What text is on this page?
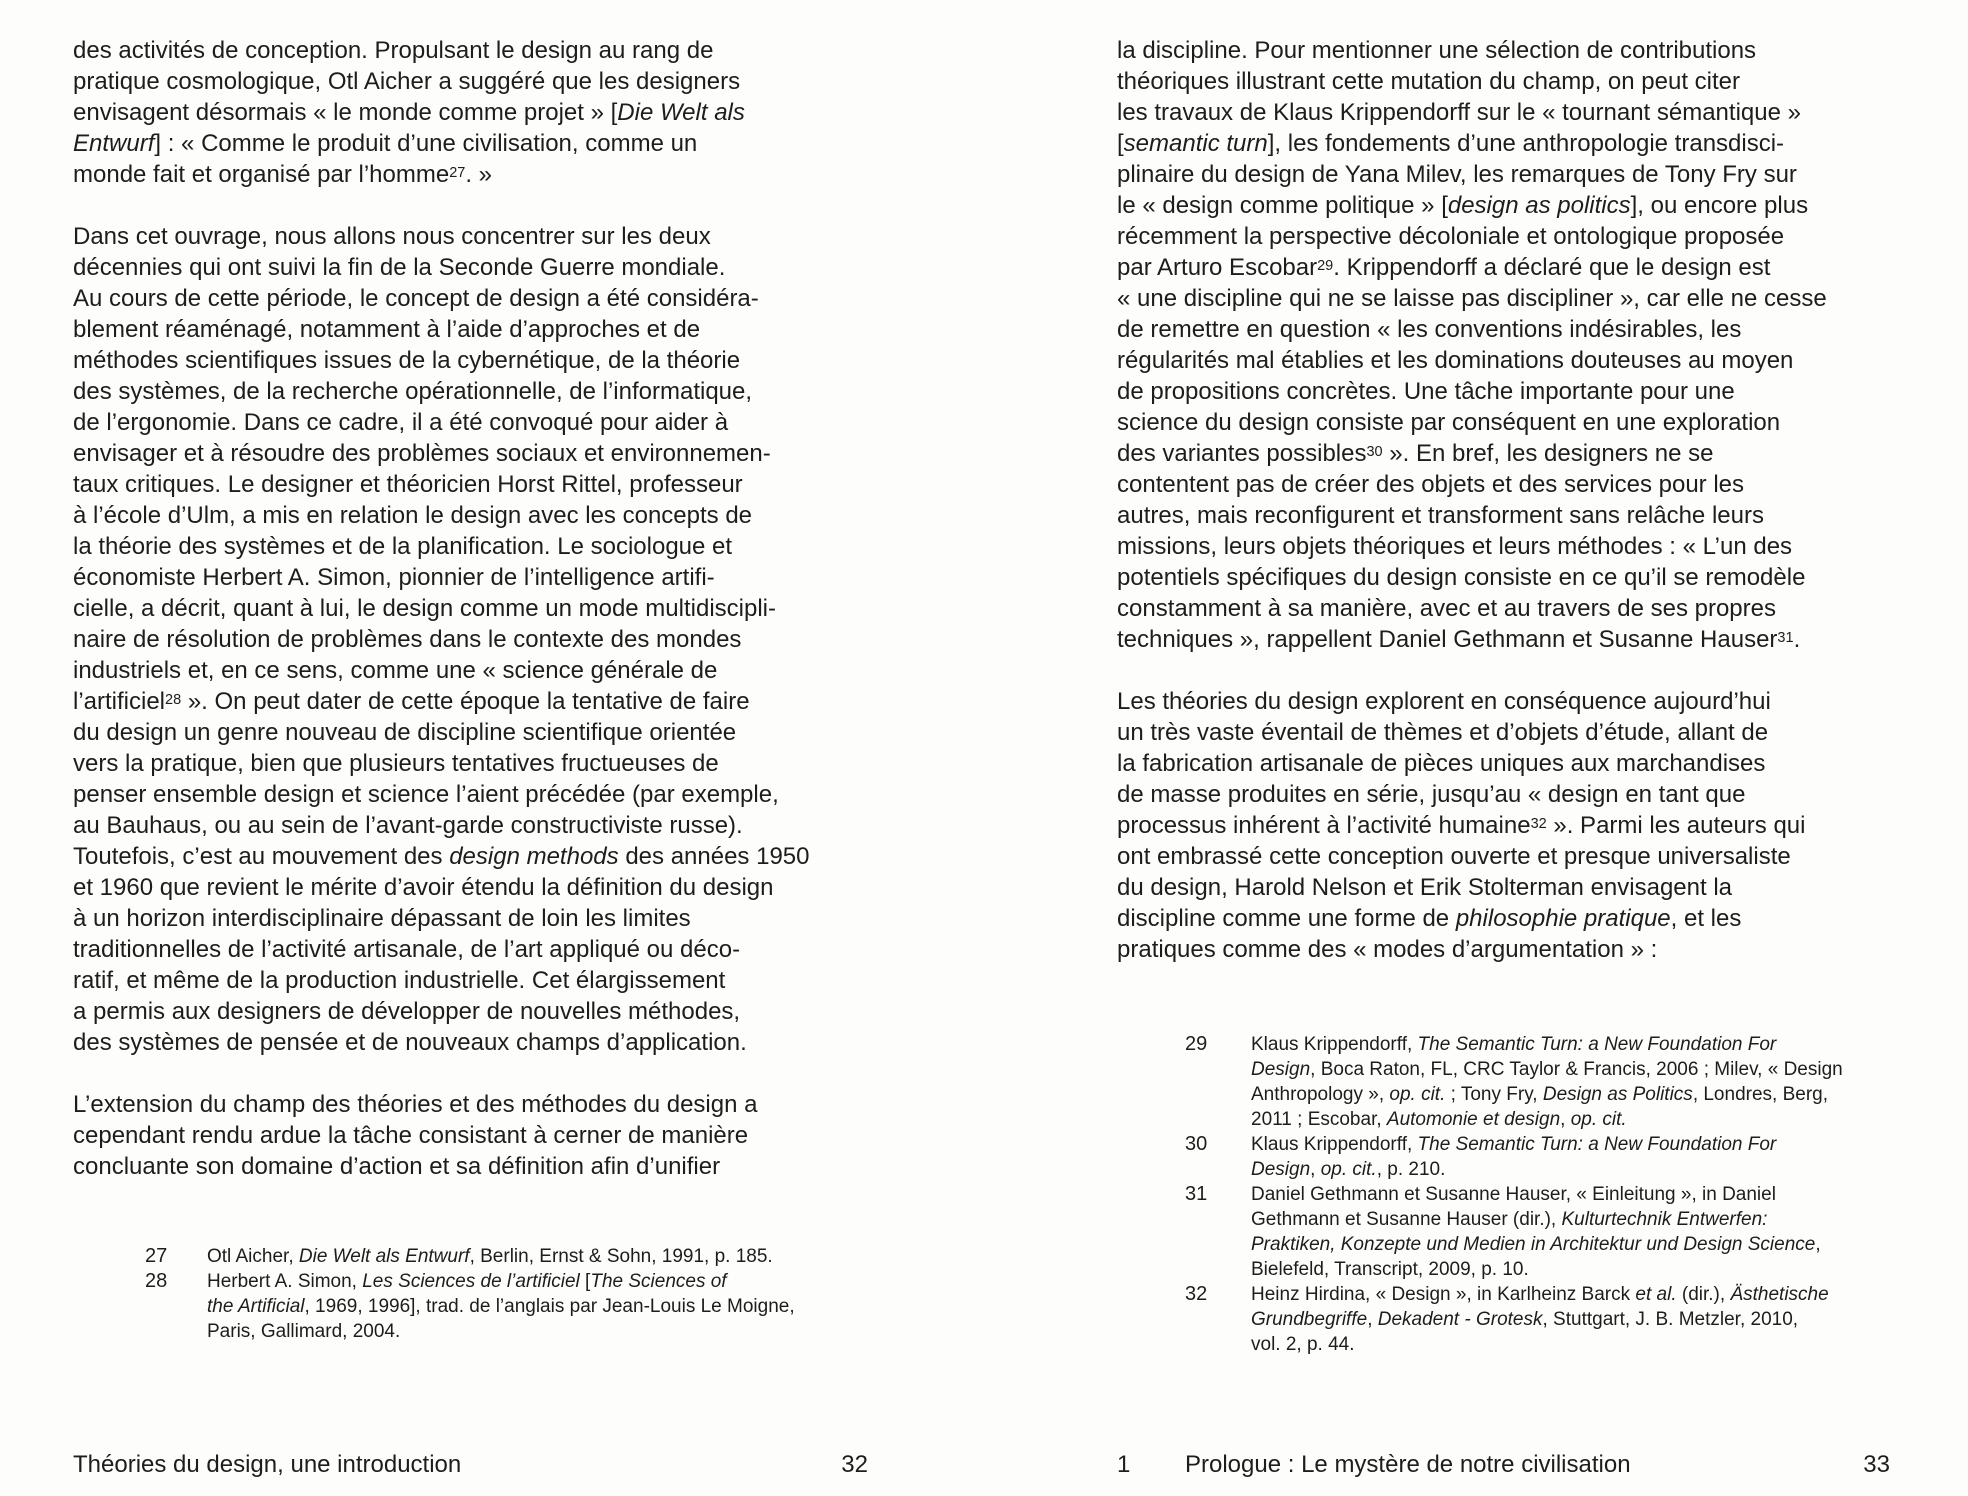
des activités de conception. Propulsant le design au rang de
pratique cosmologique, Otl Aicher a suggéré que les designers
envisagent désormais « le monde comme projet » [Die Welt als
Entwurf] : « Comme le produit d’une civilisation, comme un
monde fait et organisé par l’homme$^{27}$. »
Dans cet ouvrage, nous allons nous concentrer sur les deux
décennies qui ont suivi la fin de la Seconde Guerre mondiale.
Au cours de cette période, le concept de design a été considéra-
blement réaménagé, notamment à l’aide d’approches et de
méthodes scientifiques issues de la cybernétique, de la théorie
des systèmes, de la recherche opérationnelle, de l’informatique,
de l’ergonomie. Dans ce cadre, il a été convoqué pour aider à
envisager et à résoudre des problèmes sociaux et environnemen-
taux critiques. Le designer et théoricien Horst Rittel, professeur
à l’école d’Ulm, a mis en relation le design avec les concepts de
la théorie des systèmes et de la planification. Le sociologue et
économiste Herbert A. Simon, pionnier de l’intelligence artifi-
cielle, a décrit, quant à lui, le design comme un mode multidiscipli-
naire de résolution de problèmes dans le contexte des mondes
industriels et, en ce sens, comme une « science générale de
l’artificiel$^{28}$ ». On peut dater de cette époque la tentative de faire
du design un genre nouveau de discipline scientifique orientée
vers la pratique, bien que plusieurs tentatives fructueuses de
penser ensemble design et science l’aient précédée (par exemple,
au Bauhaus, ou au sein de l’avant-garde constructiviste russe).
Toutefois, c’est au mouvement des design methods des années 1950
et 1960 que revient le mérite d’avoir étendu la définition du design
à un horizon interdisciplinaire dépassant de loin les limites
traditionnelles de l’activité artisanale, de l’art appliqué ou déco-
ratif, et même de la production industrielle. Cet élargissement
a permis aux designers de développer de nouvelles méthodes,
des systèmes de pensée et de nouveaux champs d’application.
L’extension du champ des théories et des méthodes du design a
cependant rendu ardue la tâche consistant à cerner de manière
concluante son domaine d’action et sa définition afin d’unifier
27	Otl Aicher, Die Welt als Entwurf, Berlin, Ernst & Sohn, 1991, p. 185.
28	Herbert A. Simon, Les Sciences de l’artificiel [The Sciences of
the Artificial, 1969, 1996], trad. de l’anglais par Jean-Louis Le Moigne,
Paris, Gallimard, 2004.
Théories du design, une introduction	32
la discipline. Pour mentionner une sélection de contributions
théoriques illustrant cette mutation du champ, on peut citer
les travaux de Klaus Krippendorff sur le « tournant sémantique »
[semantic turn], les fondements d’une anthropologie transdisci-
plinaire du design de Yana Milev, les remarques de Tony Fry sur
le « design comme politique » [design as politics], ou encore plus
récemment la perspective décoloniale et ontologique proposée
par Arturo Escobar$^{29}$. Krippendorff a déclaré que le design est
« une discipline qui ne se laisse pas discipliner », car elle ne cesse
de remettre en question « les conventions indésirables, les
régularités mal établies et les dominations douteuses au moyen
de propositions concrètes. Une tâche importante pour une
science du design consiste par conséquent en une exploration
des variantes possibles$^{30}$ ». En bref, les designers ne se
contentent pas de créer des objets et des services pour les
autres, mais reconfigurent et transforment sans relâche leurs
missions, leurs objets théoriques et leurs méthodes : « L’un des
potentiels spécifiques du design consiste en ce qu’il se remodèle
constamment à sa manière, avec et au travers de ses propres
techniques », rappellent Daniel Gethmann et Susanne Hauser$^{31}$.
Les théories du design explorent en conséquence aujourd’hui
un très vaste éventail de thèmes et d’objets d’étude, allant de
la fabrication artisanale de pièces uniques aux marchandises
de masse produites en série, jusqu’au « design en tant que
processus inhérent à l’activité humaine$^{32}$ ». Parmi les auteurs qui
ont embrassé cette conception ouverte et presque universaliste
du design, Harold Nelson et Erik Stolterman envisagent la
discipline comme une forme de philosophie pratique, et les
pratiques comme des « modes d’argumentation » :
29	Klaus Krippendorff, The Semantic Turn: a New Foundation For
Design, Boca Raton, FL, CRC Taylor & Francis, 2006 ; Milev, « Design
Anthropology », op. cit. ; Tony Fry, Design as Politics, Londres, Berg,
2011 ; Escobar, Automonie et design, op. cit.
30	Klaus Krippendorff, The Semantic Turn: a New Foundation For
Design, op. cit., p. 210.
31	Daniel Gethmann et Susanne Hauser, « Einleitung », in Daniel
Gethmann et Susanne Hauser (dir.), Kulturtechnik Entwerfen:
Praktiken, Konzepte und Medien in Architektur und Design Science,
Bielefeld, Transcript, 2009, p. 10.
32	Heinz Hirdina, « Design », in Karlheinz Barck et al. (dir.), Ästhetische
Grundbegriffe, Dekadent - Grotesk, Stuttgart, J. B. Metzler, 2010,
vol. 2, p. 44.
1	Prologue : Le mystère de notre civilisation	33
